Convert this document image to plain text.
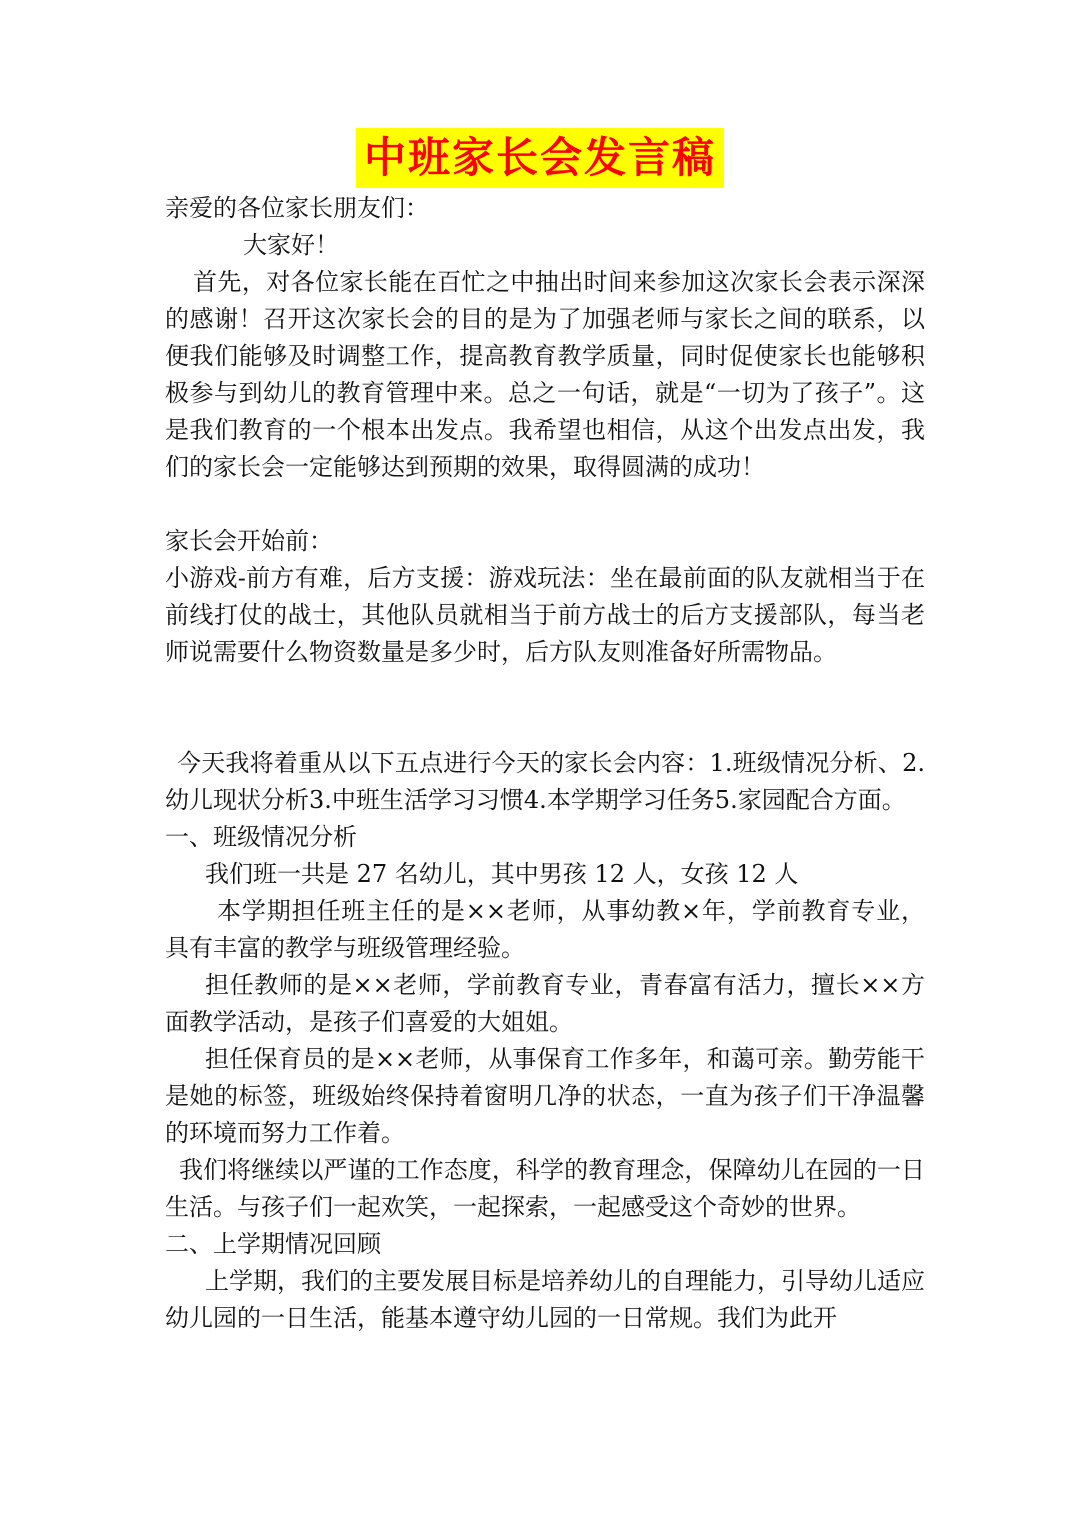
中班家长会发言稿

亲爱的各位家长朋友们：

大家好！

首先，对各位家长能在百忙之中抽出时间来参加这次家长会表示深深的感谢！召开这次家长会的目的是为了加强老师与家长之间的联系，以便我们能够及时调整工作，提高教育教学质量，同时促使家长也能够积极参与到幼儿的教育管理中来。总之一句话，就是“一切为了孩子”。这是我们教育的一个根本出发点。我希望也相信，从这个出发点出发，我们的家长会一定能够达到预期的效果，取得圆满的成功！

家长会开始前：

小游戏-前方有难，后方支援：游戏玩法：坐在最前面的队友就相当于在前线打仗的战士，其他队员就相当于前方战士的后方支援部队，每当老师说需要什么物资数量是多少时，后方队友则准备好所需物品。

今天我将着重从以下五点进行今天的家长会内容：1.班级情况分析、2.幼儿现状分析3.中班生活学习习惯4.本学期学习任务5.家园配合方面。

一、班级情况分析

我们班一共是 27 名幼儿，其中男孩 12 人，女孩 12 人

本学期担任班主任的是××老师，从事幼教×年，学前教育专业，具有丰富的教学与班级管理经验。

担任教师的是××老师，学前教育专业，青春富有活力，擅长××方面教学活动，是孩子们喜爱的大姐姐。

担任保育员的是××老师，从事保育工作多年，和蔼可亲。勤劳能干是她的标签，班级始终保持着窗明几净的状态，一直为孩子们干净温馨的环境而努力工作着。

我们将继续以严谨的工作态度，科学的教育理念，保障幼儿在园的一日生活。与孩子们一起欢笑，一起探索，一起感受这个奇妙的世界。

二、上学期情况回顾

上学期，我们的主要发展目标是培养幼儿的自理能力，引导幼儿适应幼儿园的一日生活，能基本遵守幼儿园的一日常规。我们为此开
